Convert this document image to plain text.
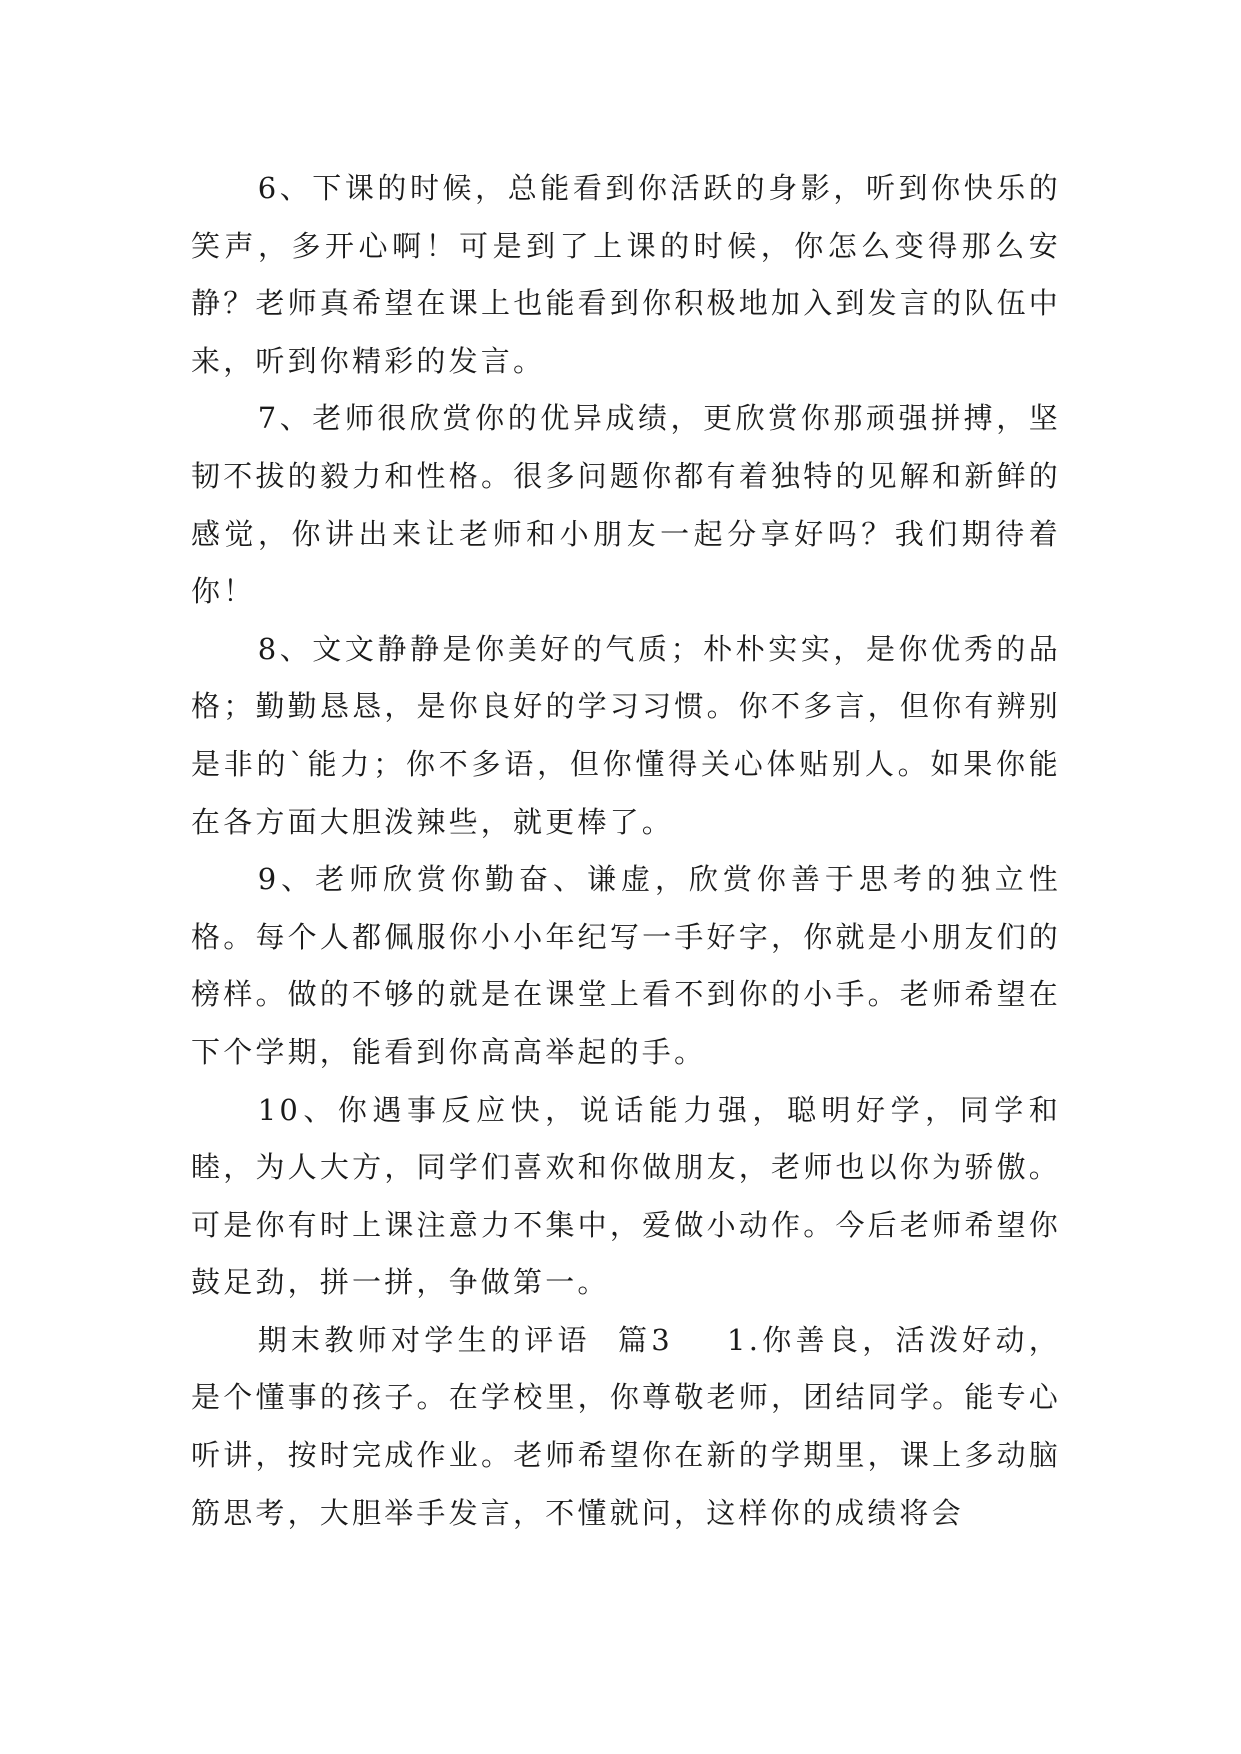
6、下课的时候，总能看到你活跃的身影，听到你快乐的笑声，多开心啊！可是到了上课的时候，你怎么变得那么安静？老师真希望在课上也能看到你积极地加入到发言的队伍中来，听到你精彩的发言。

7、老师很欣赏你的优异成绩，更欣赏你那顽强拼搏，坚韧不拔的毅力和性格。很多问题你都有着独特的见解和新鲜的感觉，你讲出来让老师和小朋友一起分享好吗？我们期待着你！

8、文文静静是你美好的气质；朴朴实实，是你优秀的品格；勤勤恳恳，是你良好的学习习惯。你不多言，但你有辨别是非的`能力；你不多语，但你懂得关心体贴别人。如果你能在各方面大胆泼辣些，就更棒了。

9、老师欣赏你勤奋、谦虚，欣赏你善于思考的独立性格。每个人都佩服你小小年纪写一手好字，你就是小朋友们的榜样。做的不够的就是在课堂上看不到你的小手。老师希望在下个学期，能看到你高高举起的手。

10、你遇事反应快，说话能力强，聪明好学，同学和睦，为人大方，同学们喜欢和你做朋友，老师也以你为骄傲。可是你有时上课注意力不集中，爱做小动作。今后老师希望你鼓足劲，拼一拼，争做第一。

期末教师对学生的评语  篇3    1.你善良，活泼好动，是个懂事的孩子。在学校里，你尊敬老师，团结同学。能专心听讲，按时完成作业。老师希望你在新的学期里，课上多动脑筋思考，大胆举手发言，不懂就问，这样你的成绩将会
